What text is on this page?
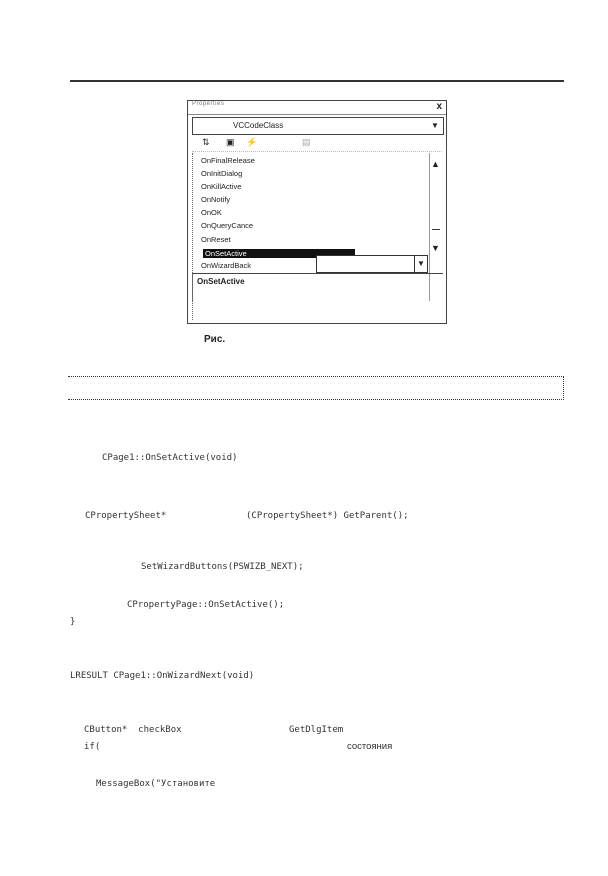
Properties	x
VCCodeClass	▼
⇅ ▣ ⚡	▤
OnFinalRelease
OnInitDialog
OnKillActive
OnNotify
OnOK
OnQueryCance
OnReset
OnSetActive
OnWizardBack
▲
▼
▼
OnSetActive
Рис.
CPage1::OnSetActive(void)
CPropertySheet*	(CPropertySheet*) GetParent();
SetWizardButtons(PSWIZB_NEXT);
CPropertyPage::OnSetActive();
}
LRESULT CPage1::OnWizardNext(void)
CButton*  checkBox	GetDlgItem
if(	состояния
MessageBox("Установите
